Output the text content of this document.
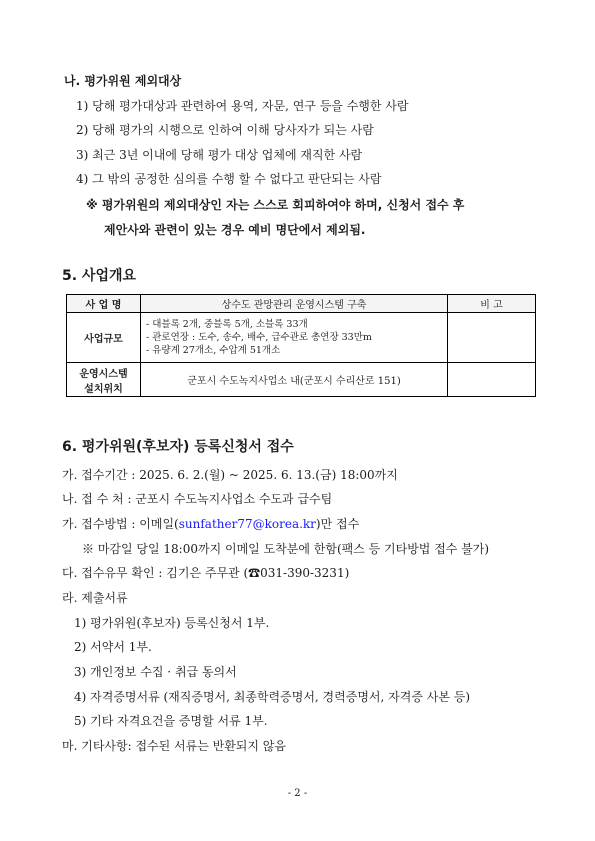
나. 평가위원 제외대상
1) 당해 평가대상과 관련하여 용역, 자문, 연구 등을 수행한 사람
2) 당해 평가의 시행으로 인하여 이해 당사자가 되는 사람
3) 최근 3년 이내에 당해 평가 대상 업체에 재직한 사람
4) 그 밖의 공정한 심의를 수행 할 수 없다고 판단되는 사람
※ 평가위원의 제외대상인 자는 스스로 회피하여야 하며, 신청서 접수 후
제안사와 관련이 있는 경우 예비 명단에서 제외됨.
5. 사업개요
사 업 명	상수도 관망관리 운영시스템 구축	비 고
사업규모	- 대블록 2개, 중블록 5개, 소블록 33개
- 관로연장 : 도수, 송수, 배수, 급수관로 총연장 33만m
- 유량계 27개소, 수압계 51개소	

운영시스템
설치위치	군포시 수도녹지사업소 내(군포시 수리산로 151)	
6. 평가위원(후보자) 등록신청서 접수
가. 접수기간 : 2025. 6. 2.(월) ~ 2025. 6. 13.(금) 18:00까지
나. 접 수 처 : 군포시 수도녹지사업소 수도과 급수팀
가. 접수방법 : 이메일(sunfather77@korea.kr)만 접수
※ 마감일 당일 18:00까지 이메일 도착분에 한함(팩스 등 기타방법 접수 불가)
다. 접수유무 확인 : 김기은 주무관 (☎031-390-3231)
라. 제출서류
1) 평가위원(후보자) 등록신청서 1부.
2) 서약서 1부.
3) 개인정보 수집 · 취급 동의서
4) 자격증명서류 (재직증명서, 최종학력증명서, 경력증명서, 자격증 사본 등)
5) 기타 자격요건을 증명할 서류 1부.
마. 기타사항: 접수된 서류는 반환되지 않음
- 2 -
